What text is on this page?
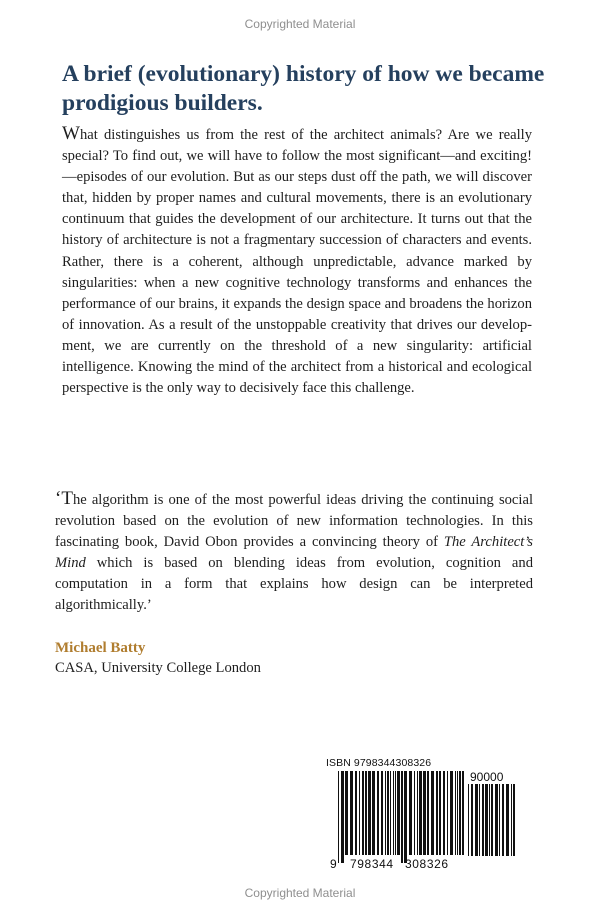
Copyrighted Material
A brief (evolutionary) history of how we became prodigious builders.

What distinguishes us from the rest of the architect animals? Are we really special? To find out, we will have to follow the most significant—and exciting!—episodes of our evolution. But as our steps dust off the path, we will discover that, hidden by proper names and cultural movements, there is an evolutionary continuum that guides the development of our architecture. It turns out that the history of architecture is not a fragmentary succession of characters and events. Rather, there is a coherent, although unpredictable, advance marked by singularities: when a new cognitive technology transforms and enhances the performance of our brains, it expands the design space and broadens the horizon of innovation. As a result of the unstoppable creativity that drives our development, we are currently on the threshold of a new singularity: artificial intelligence. Knowing the mind of the architect from a historical and ecological perspective is the only way to decisively face this challenge.

‘The algorithm is one of the most powerful ideas driving the continuing social revolution based on the evolution of new information technologies. In this fascinating book, David Obon provides a convincing theory of The Architect’s Mind which is based on blending ideas from evolution, cognition and computation in a form that explains how design can be interpreted algorithmically.’

Michael Batty

CASA, University College London

ISBN 9798344308326
90000
9 798344 308326
Copyrighted Material
